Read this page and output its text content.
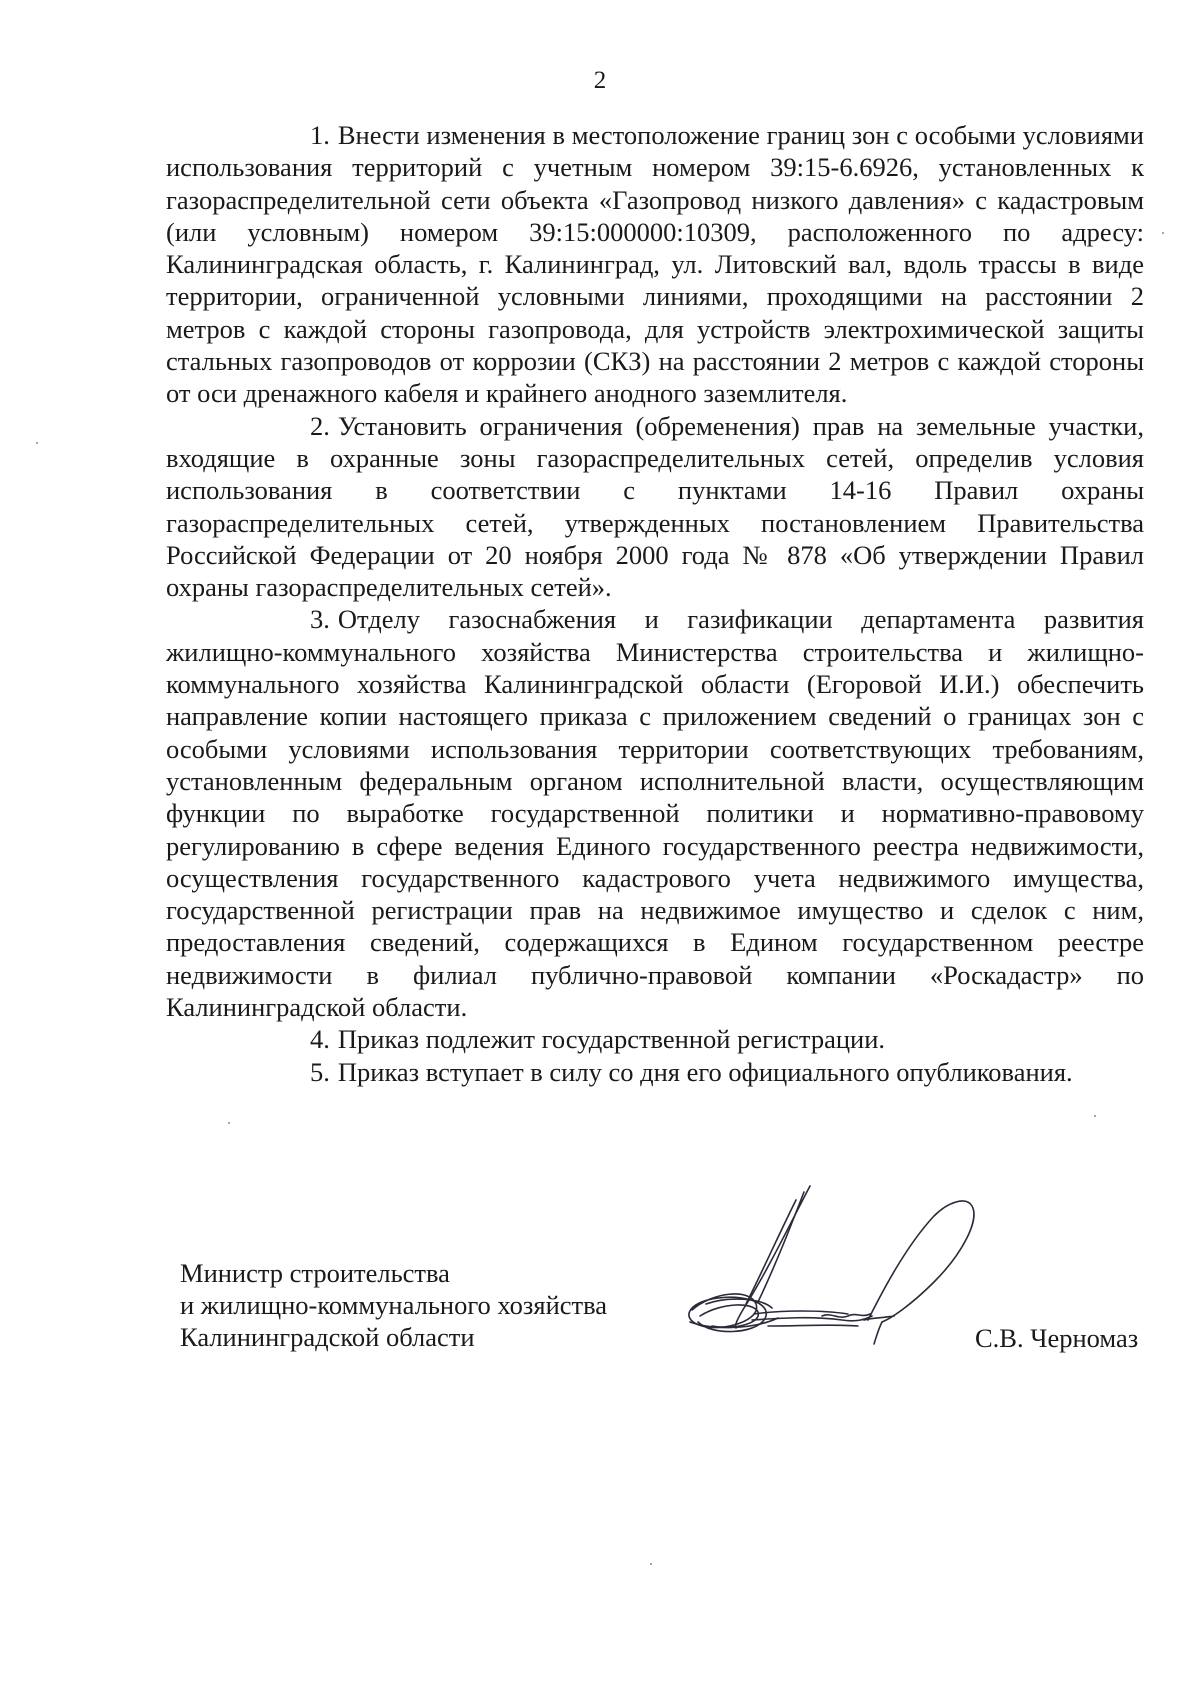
2

1. Внести изменения в местоположение границ зон с особыми условиями использования территорий с учетным номером 39:15-6.6926, установленных к газораспределительной сети объекта «Газопровод низкого давления» с кадастровым (или условным) номером 39:15:000000:10309, расположенного по адресу: Калининградская область, г. Калининград, ул. Литовский вал, вдоль трассы в виде территории, ограниченной условными линиями, проходящими на расстоянии 2 метров с каждой стороны газопровода, для устройств электрохимической защиты стальных газопроводов от коррозии (СКЗ) на расстоянии 2 метров с каждой стороны от оси дренажного кабеля и крайнего анодного заземлителя.

2. Установить ограничения (обременения) прав на земельные участки, входящие в охранные зоны газораспределительных сетей, определив условия использования в соответствии с пунктами 14-16 Правил охраны газораспределительных сетей, утвержденных постановлением Правительства Российской Федерации от 20 ноября 2000 года № 878 «Об утверждении Правил охраны газораспределительных сетей».

3. Отделу газоснабжения и газификации департамента развития жилищно-коммунального хозяйства Министерства строительства и жилищно-коммунального хозяйства Калининградской области (Егоровой И.И.) обеспечить направление копии настоящего приказа с приложением сведений о границах зон с особыми условиями использования территории соответствующих требованиям, установленным федеральным органом исполнительной власти, осуществляющим функции по выработке государственной политики и нормативно-правовому регулированию в сфере ведения Единого государственного реестра недвижимости, осуществления государственного кадастрового учета недвижимого имущества, государственной регистрации прав на недвижимое имущество и сделок с ним, предоставления сведений, содержащихся в Едином государственном реестре недвижимости в филиал публично-правовой компании «Роскадастр» по Калининградской области.

4. Приказ подлежит государственной регистрации.

5. Приказ вступает в силу со дня его официального опубликования.

Министр строительства
и жилищно-коммунального хозяйства
Калининградской области	С.В. Черномаз
